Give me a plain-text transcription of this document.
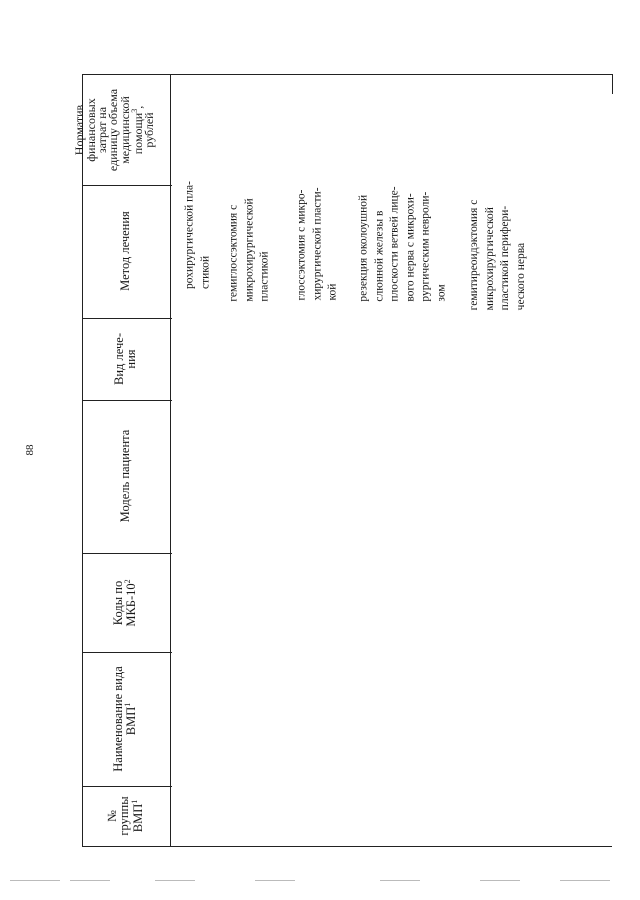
88
№
группы ВМП$^1$
Наименование вида ВМП$^1$
Коды по МКБ-$10^2$
Модель пациента
Вид лече-
ния
Метод лечения
Норматив
финансовых
затрат на
единицу объема
медицинской помощи$^3$,
рублей
рохирургической пла- стикой гемиглоссэктомия с микрохирургической пластикой глоссэктомия с микро- хирургической пласти- кой резекция околоушной слюнной железы в плоскости ветвей лице- вого нерва с микрохи- рургическим невроли- зом гемитиреоидэктомия с микрохирургической пластикой перифери- ческого нерва
